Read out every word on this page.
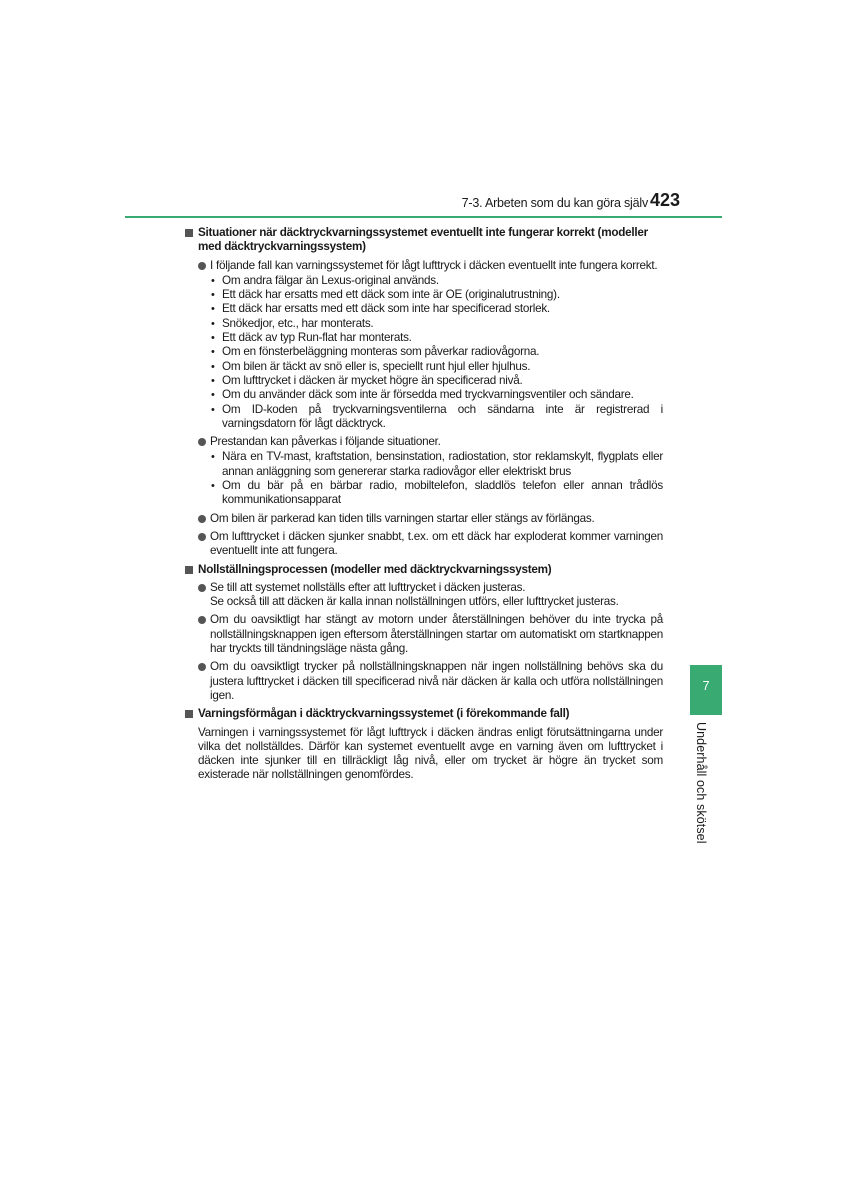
7-3. Arbeten som du kan göra själv 423
7
Underhåll och skötsel
Situationer när däcktryckvarningssystemet eventuellt inte fungerar korrekt (modeller med däcktryckvarningssystem)
I följande fall kan varningssystemet för lågt lufttryck i däcken eventuellt inte fungera korrekt.
• Om andra fälgar än Lexus-original används.
• Ett däck har ersatts med ett däck som inte är OE (originalutrustning).
• Ett däck har ersatts med ett däck som inte har specificerad storlek.
• Snökedjor, etc., har monterats.
• Ett däck av typ Run-flat har monterats.
• Om en fönsterbeläggning monteras som påverkar radiovågorna.
• Om bilen är täckt av snö eller is, speciellt runt hjul eller hjulhus.
• Om lufttrycket i däcken är mycket högre än specificerad nivå.
• Om du använder däck som inte är försedda med tryckvarningsventiler och sändare.
• Om ID-koden på tryckvarningsventilerna och sändarna inte är registrerad i varningsdatorn för lågt däcktryck.
Prestandan kan påverkas i följande situationer.
• Nära en TV-mast, kraftstation, bensinstation, radiostation, stor reklamskylt, flygplats eller annan anläggning som genererar starka radiovågor eller elektriskt brus
• Om du bär på en bärbar radio, mobiltelefon, sladdlös telefon eller annan trådlös kommunikationsapparat
Om bilen är parkerad kan tiden tills varningen startar eller stängs av förlängas.
Om lufttrycket i däcken sjunker snabbt, t.ex. om ett däck har exploderat kommer varningen eventuellt inte att fungera.
Nollställningsprocessen (modeller med däcktryckvarningssystem)
Se till att systemet nollställs efter att lufttrycket i däcken justeras.
Se också till att däcken är kalla innan nollställningen utförs, eller lufttrycket justeras.
Om du oavsiktligt har stängt av motorn under återställningen behöver du inte trycka på nollställningsknappen igen eftersom återställningen startar om automatiskt om startknappen har tryckts till tändningsläge nästa gång.
Om du oavsiktligt trycker på nollställningsknappen när ingen nollställning behövs ska du justera lufttrycket i däcken till specificerad nivå när däcken är kalla och utföra nollställningen igen.
Varningsförmågan i däcktryckvarningssystemet (i förekommande fall)
Varningen i varningssystemet för lågt lufttryck i däcken ändras enligt förutsättningarna under vilka det nollställdes. Därför kan systemet eventuellt avge en varning även om lufttrycket i däcken inte sjunker till en tillräckligt låg nivå, eller om trycket är högre än trycket som existerade när nollställningen genomfördes.
